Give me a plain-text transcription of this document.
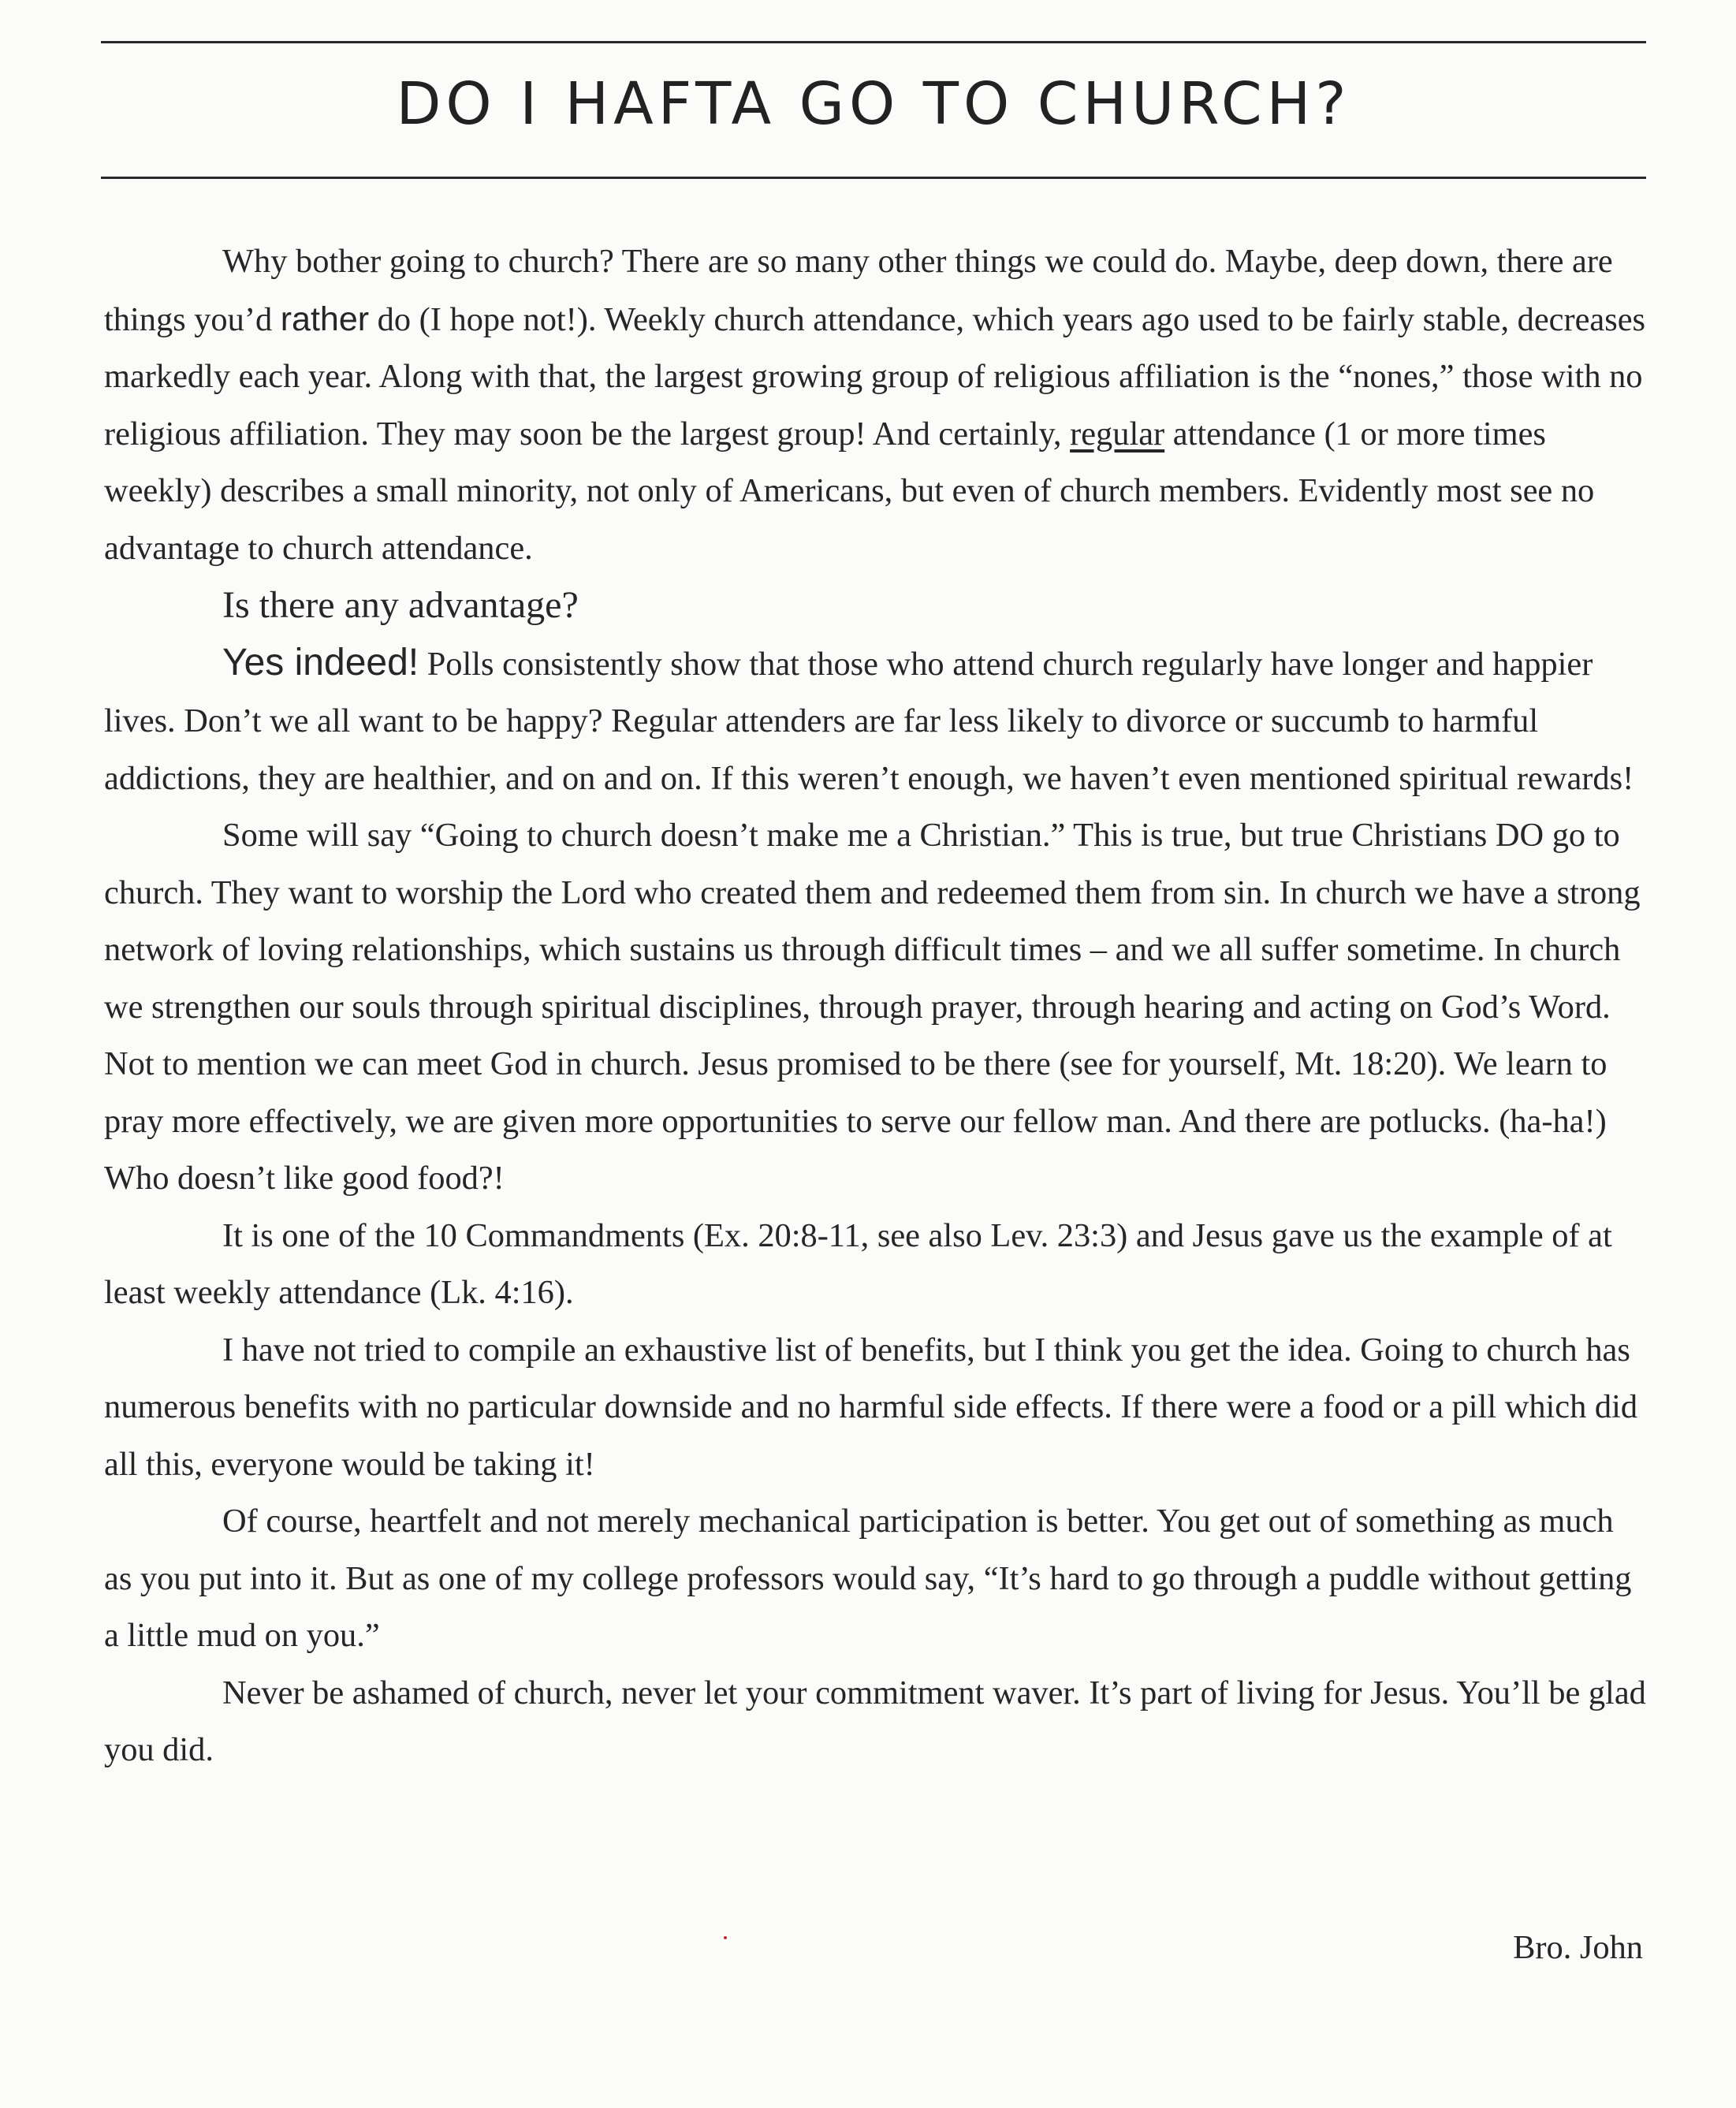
DO I HAFTA GO TO CHURCH?

Why bother going to church? There are so many other things we could do. Maybe, deep down, there are things you’d rather do (I hope not!). Weekly church attendance, which years ago used to be fairly stable, decreases markedly each year. Along with that, the largest growing group of religious affiliation is the “nones,” those with no religious affiliation. They may soon be the largest group! And certainly, regular attendance (1 or more times weekly) describes a small minority, not only of Americans, but even of church members. Evidently most see no advantage to church attendance.

Is there any advantage?

Yes indeed! Polls consistently show that those who attend church regularly have longer and happier lives. Don’t we all want to be happy? Regular attenders are far less likely to divorce or succumb to harmful addictions, they are healthier, and on and on. If this weren’t enough, we haven’t even mentioned spiritual rewards!

Some will say “Going to church doesn’t make me a Christian.” This is true, but true Christians DO go to church. They want to worship the Lord who created them and redeemed them from sin. In church we have a strong network of loving relationships, which sustains us through difficult times – and we all suffer sometime. In church we strengthen our souls through spiritual disciplines, through prayer, through hearing and acting on God’s Word. Not to mention we can meet God in church. Jesus promised to be there (see for yourself, Mt. 18:20). We learn to pray more effectively, we are given more opportunities to serve our fellow man. And there are potlucks. (ha-ha!) Who doesn’t like good food?!

It is one of the 10 Commandments (Ex. 20:8-11, see also Lev. 23:3) and Jesus gave us the example of at least weekly attendance (Lk. 4:16).

I have not tried to compile an exhaustive list of benefits, but I think you get the idea. Going to church has numerous benefits with no particular downside and no harmful side effects. If there were a food or a pill which did all this, everyone would be taking it!

Of course, heartfelt and not merely mechanical participation is better. You get out of something as much as you put into it. But as one of my college professors would say, “It’s hard to go through a puddle without getting a little mud on you.”

Never be ashamed of church, never let your commitment waver. It’s part of living for Jesus. You’ll be glad you did.

Bro. John
